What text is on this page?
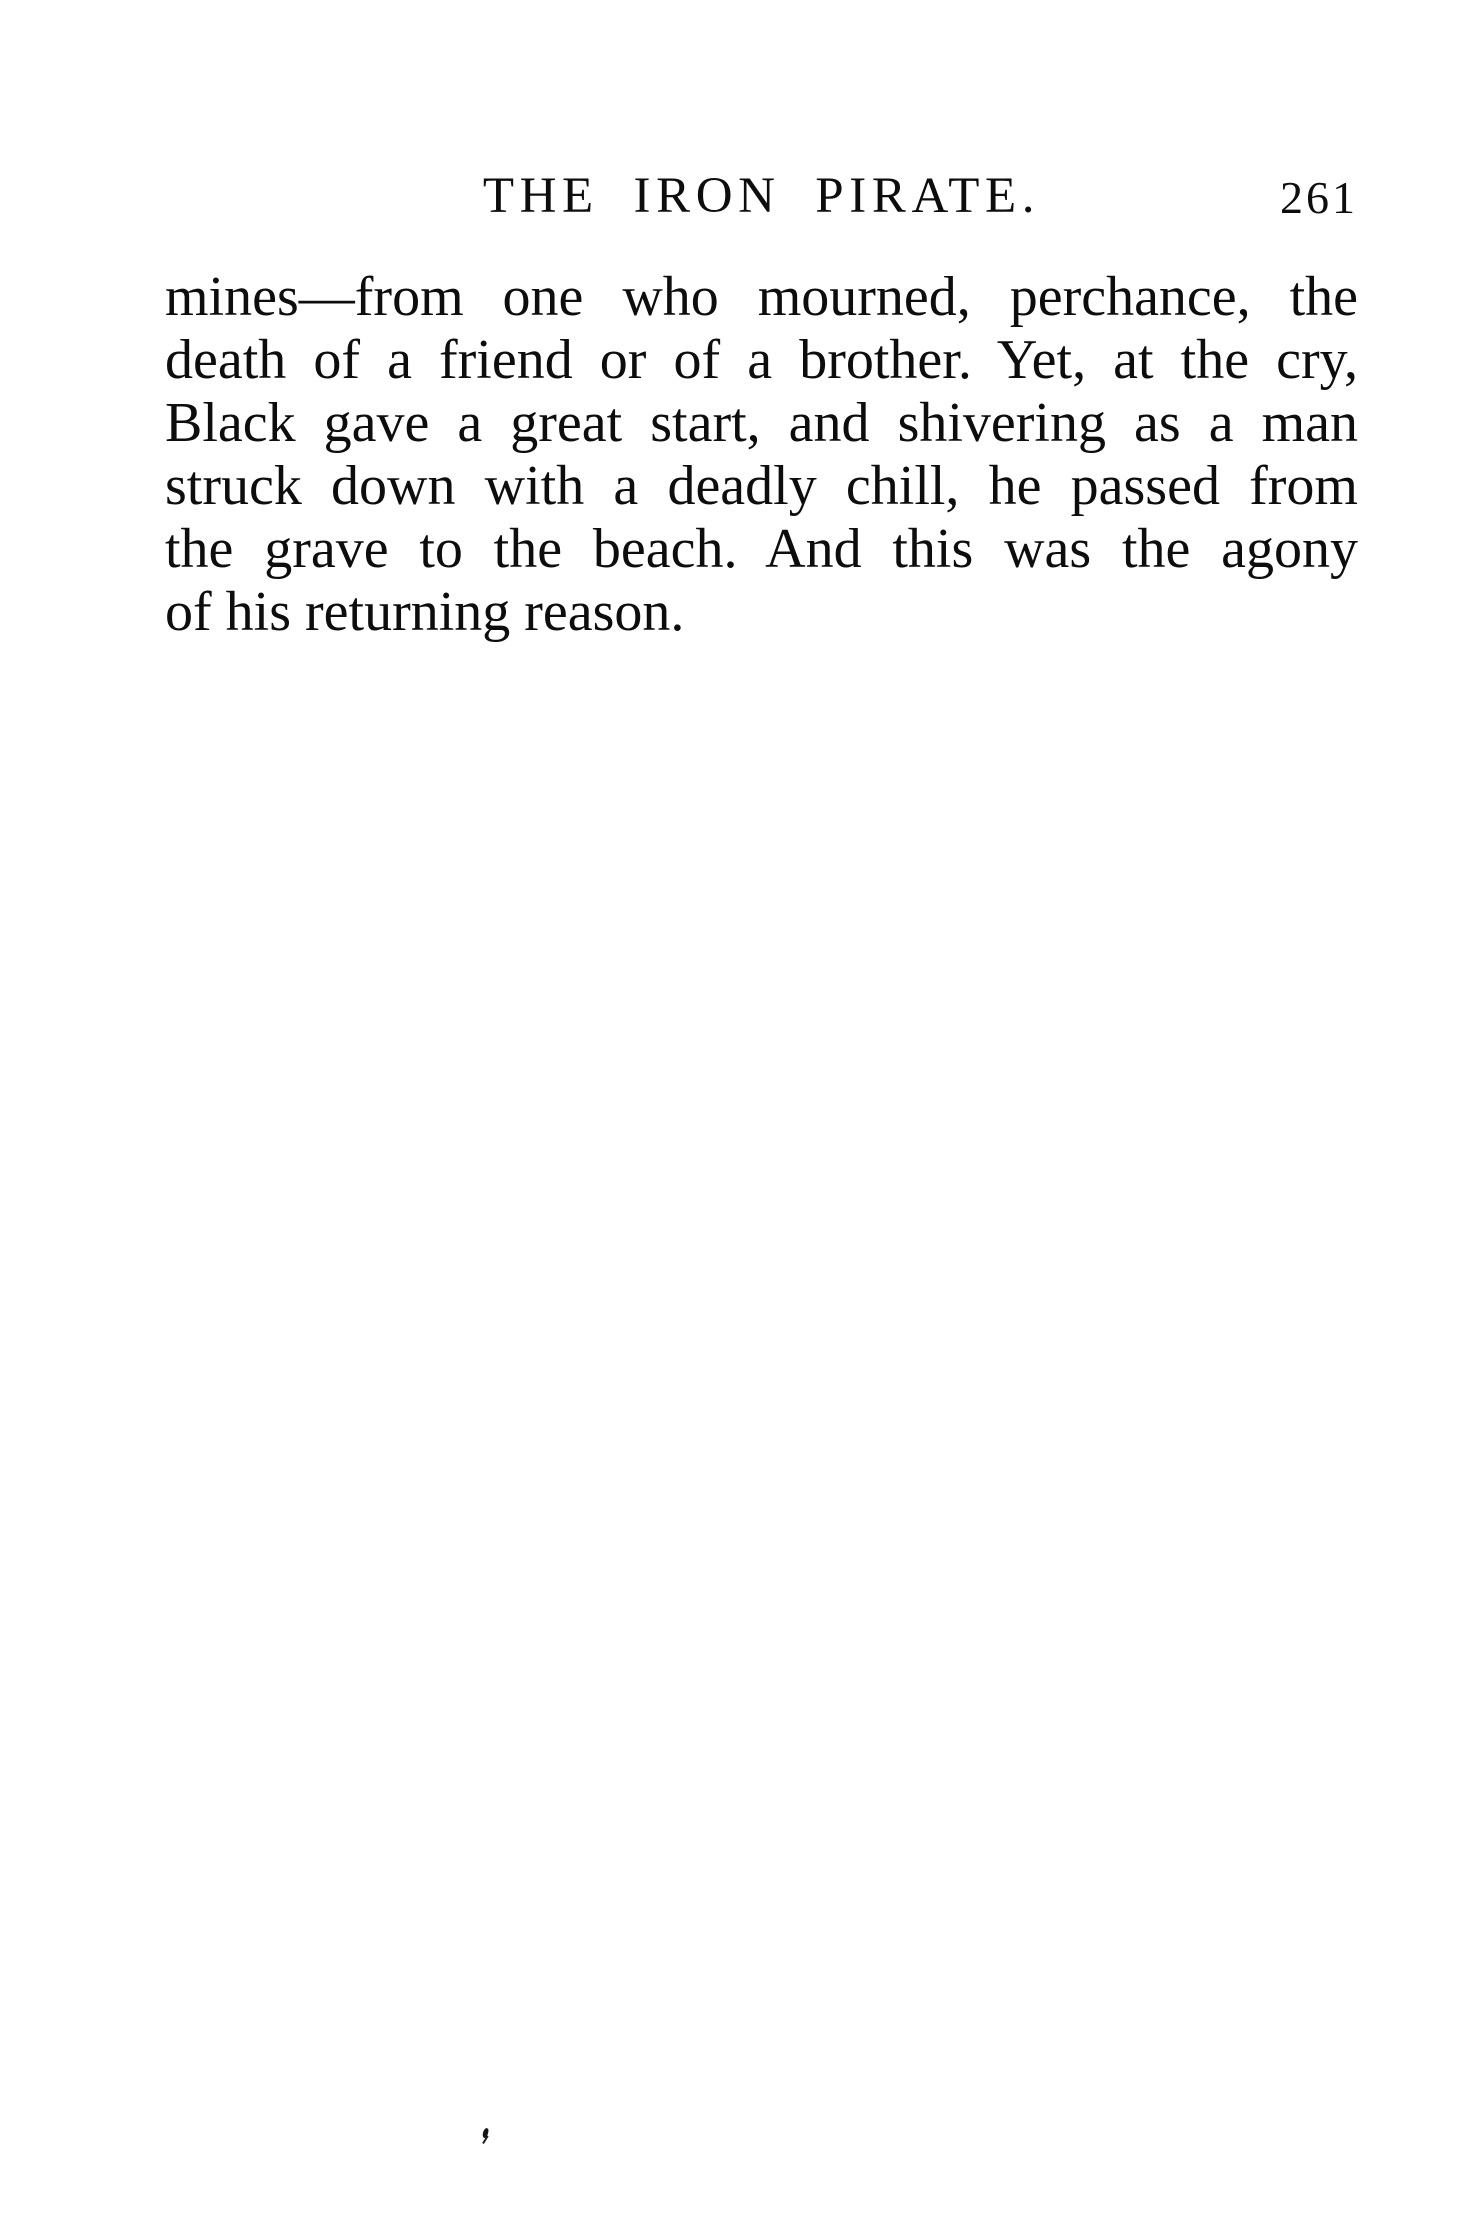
THE IRON PIRATE.	261
mines—from one who mourned, perchance, the
death of a friend or of a brother. Yet, at the cry,
Black gave a great start, and shivering as a man
struck down with a deadly chill, he passed from
the grave to the beach. And this was the agony
of his returning reason.
